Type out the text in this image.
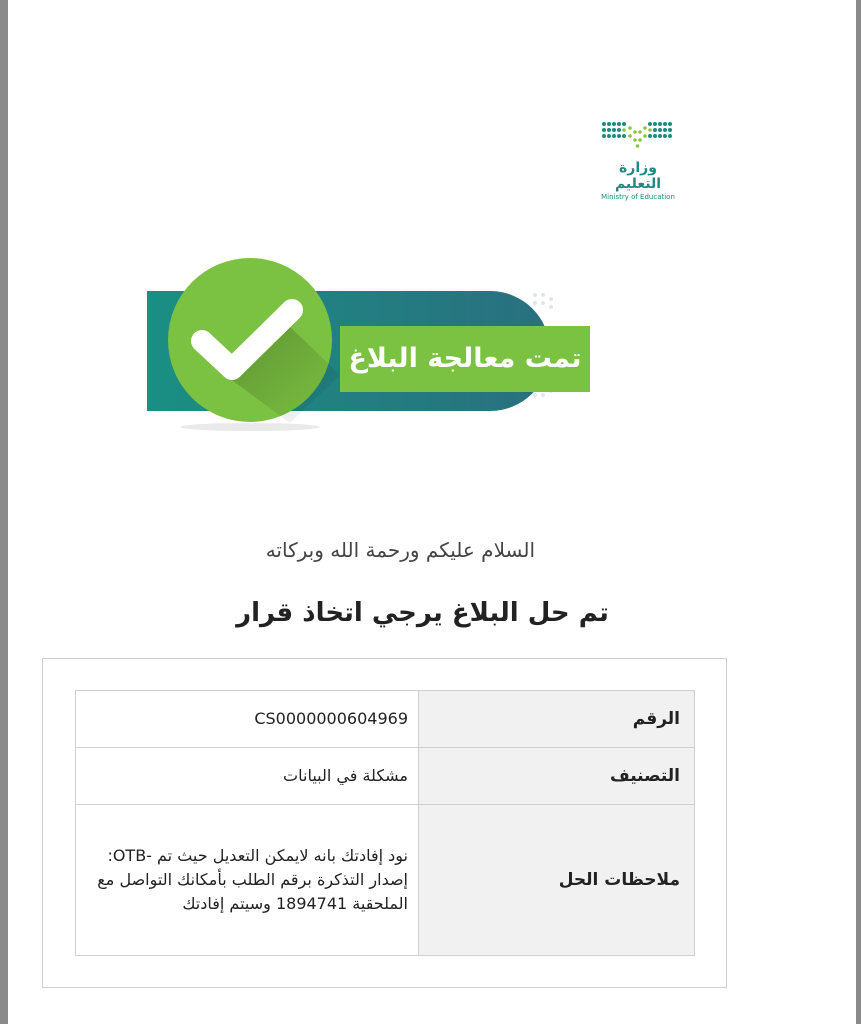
وزارة التعليم
Ministry of Education
تمت معالجة البلاغ
السلام عليكم ورحمة الله وبركاته
تم حل البلاغ يرجي اتخاذ قرار
الرقم	CS0000000604969
التصنيف	مشكلة في البيانات
ملاحظات الحل	نود إفادتك بانه لايمكن التعديل حيث تم -OTB: إصدار التذكرة برقم الطلب بأمكانك التواصل مع الملحقية 1894741 وسيتم إفادتك
